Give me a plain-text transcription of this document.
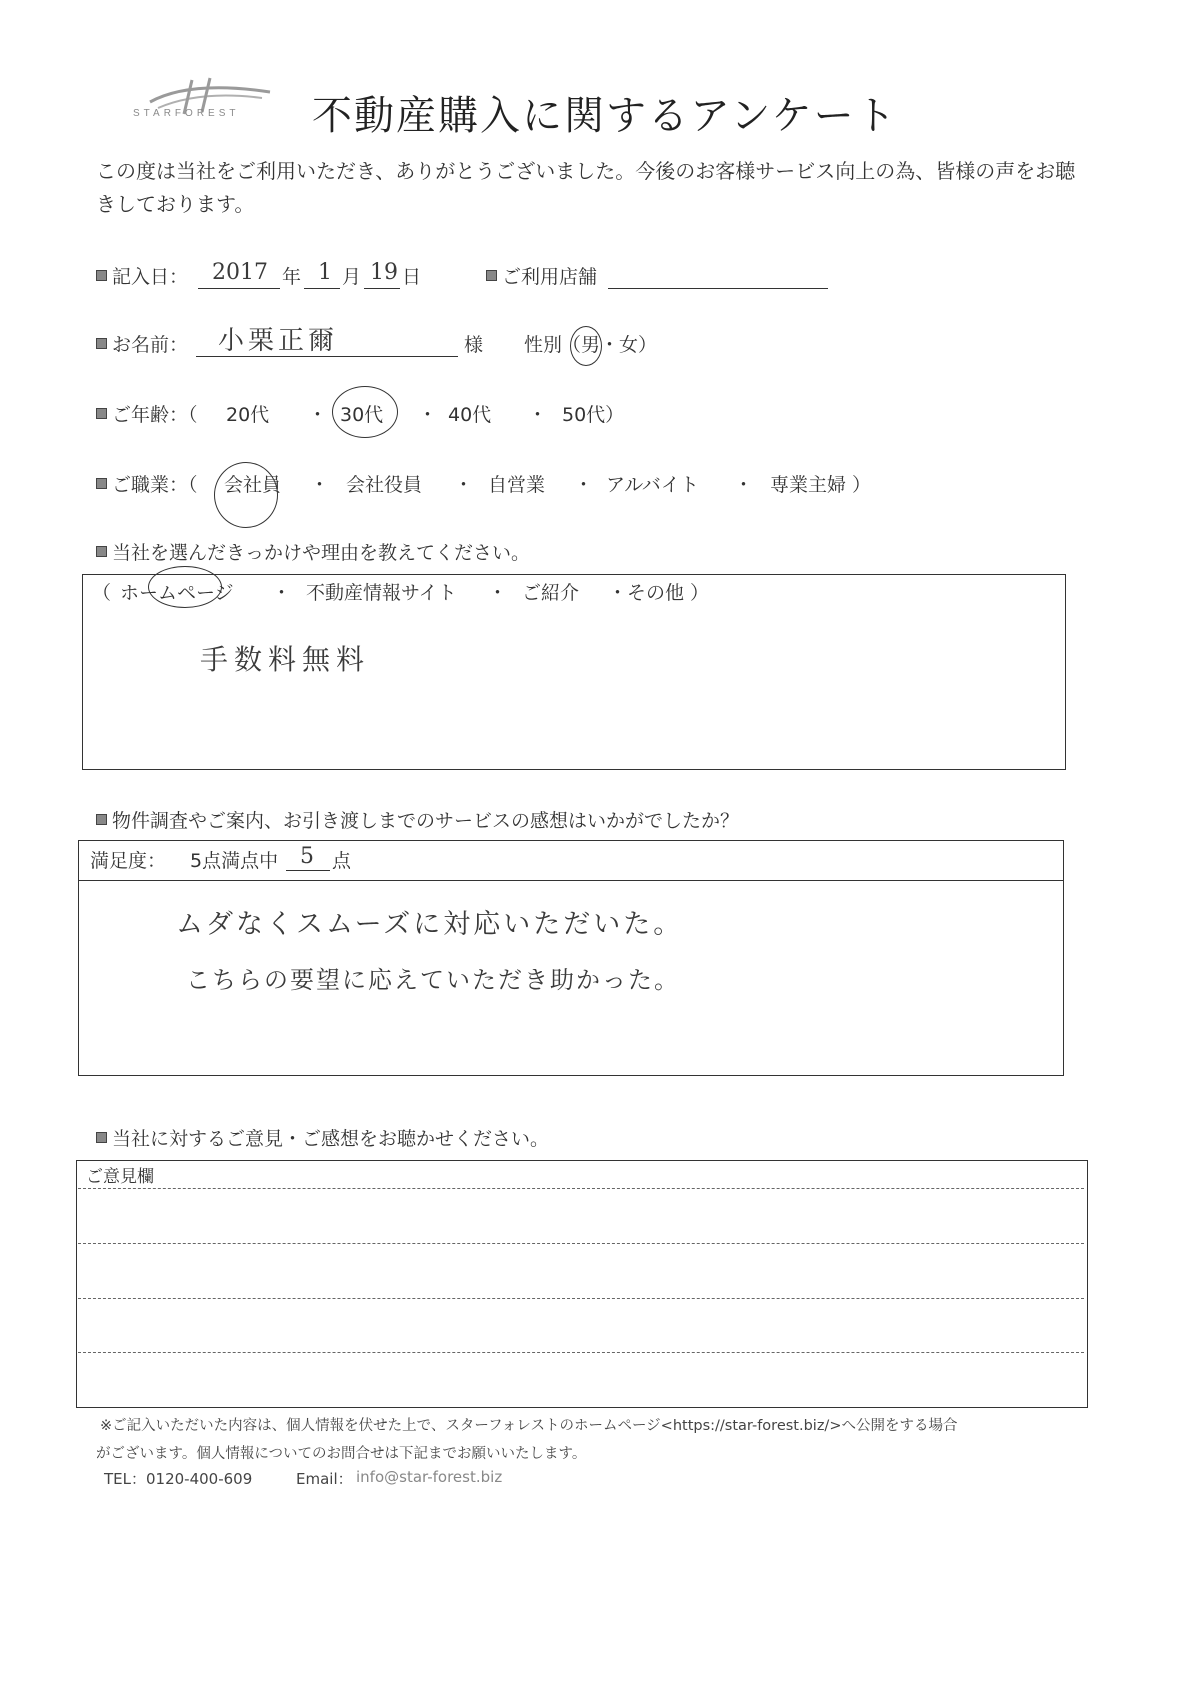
STARFOREST 不動産購入に関するアンケート
この度は当社をご利用いただき、ありがとうございました。今後のお客様サービス向上の為、皆様の声をお聴きしております。
記入日： 2017 年 1 月 19 日	ご利用店舗
お名前： 小栗正爾	様 性別（男・女）
ご年齢：（ 20代 ・ 30代 ・ 40代 ・ 50代）
ご職業：（ 会社員 ・ 会社役員 ・ 自営業 ・ アルバイト ・ 専業主婦 ）
当社を選んだきっかけや理由を教えてください。
（ ホームページ ・ 不動産情報サイト ・ ご紹介 ・その他 ）
手数料無料
物件調査やご案内、お引き渡しまでのサービスの感想はいかがでしたか？
満足度： 5点満点中 5 点
ムダなくスムーズに対応いただいた。
こちらの要望に応えていただき助かった。
当社に対するご意見・ご感想をお聴かせください。
ご意見欄
※ご記入いただいた内容は、個人情報を伏せた上で、スターフォレストのホームページ<https://star-forest.biz/>へ公開をする場合
がございます。個人情報についてのお問合せは下記までお願いいたします。
TEL：0120-400-609	Email： info@star-forest.biz
